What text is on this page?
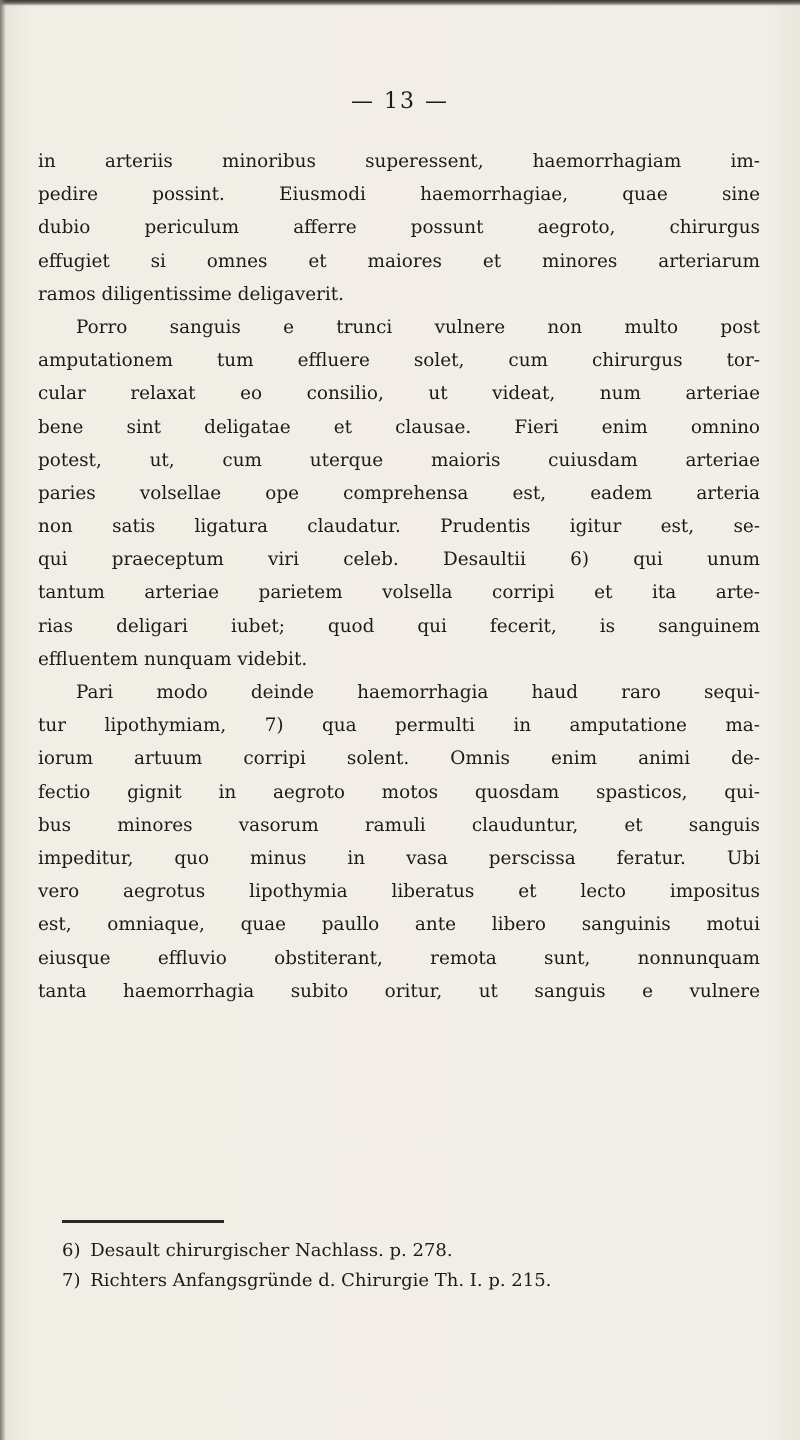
— 13 —
in arteriis minoribus superessent, haemorrhagiam im-
pedire possint. Eiusmodi haemorrhagiae, quae sine
dubio periculum afferre possunt aegroto, chirurgus
effugiet si omnes et maiores et minores arteriarum
ramos diligentissime deligaverit.
Porro sanguis e trunci vulnere non multo post
amputationem tum effluere solet, cum chirurgus tor-
cular relaxat eo consilio, ut videat, num arteriae
bene sint deligatae et clausae. Fieri enim omnino
potest, ut, cum uterque maioris cuiusdam arteriae
paries volsellae ope comprehensa est, eadem arteria
non satis ligatura claudatur. Prudentis igitur est, se-
qui praeceptum viri celeb. Desaultii 6) qui unum
tantum arteriae parietem volsella corripi et ita arte-
rias deligari iubet; quod qui fecerit, is sanguinem
effluentem nunquam videbit.
Pari modo deinde haemorrhagia haud raro sequi-
tur lipothymiam, 7) qua permulti in amputatione ma-
iorum artuum corripi solent. Omnis enim animi de-
fectio gignit in aegroto motos quosdam spasticos, qui-
bus minores vasorum ramuli clauduntur, et sanguis
impeditur, quo minus in vasa perscissa feratur. Ubi
vero aegrotus lipothymia liberatus et lecto impositus
est, omniaque, quae paullo ante libero sanguinis motui
eiusque effluvio obstiterant, remota sunt, nonnunquam
tanta haemorrhagia subito oritur, ut sanguis e vulnere
6) Desault chirurgischer Nachlass. p. 278.
7) Richters Anfangsgründe d. Chirurgie Th. I. p. 215.
